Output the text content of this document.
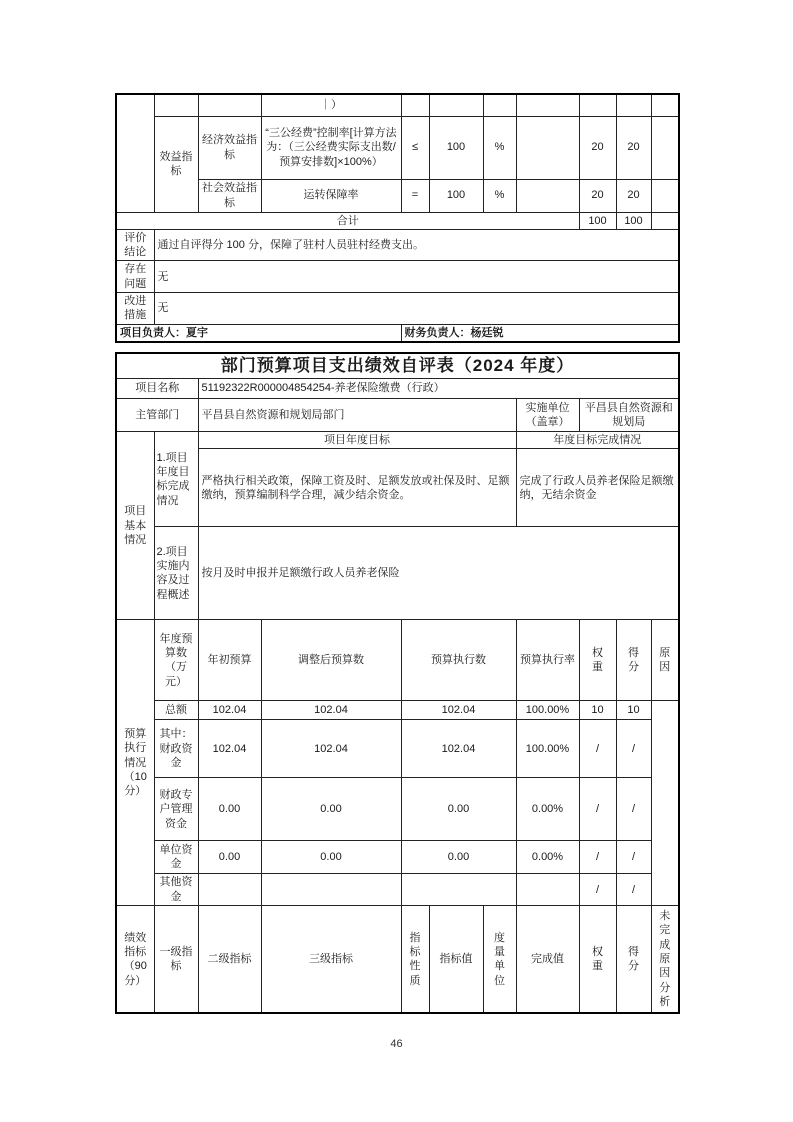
			｜）							
	效益指标	经济效益指标	“三公经费”控制率[计算方法为：（三公经费实际支出数/预算安排数]×100%）	≤	100	%		20	20	
		社会效益指标	运转保障率	=	100	%		20	20	
合计								100	100	
评价结论	通过自评得分 100 分，保障了驻村人员驻村经费支出。									
存在问题	无									
改进措施	无									
项目负责人：夏宇				财务负责人：杨廷锐						
部门预算项目支出绩效自评表（2024 年度）										
项目名称		51192322R000004854254-养老保险缴费（行政）								
主管部门		平昌县自然资源和规划局部门					实施单位（盖章）	平昌县自然资源和规划局		
项目基本情况	1.项目年度目标完成情况	项目年度目标					年度目标完成情况			
		严格执行相关政策，保障工资及时、足额发放或社保及时、足额缴纳，预算编制科学合理，减少结余资金。					完成了行政人员养老保险足额缴纳，无结余资金			
	2.项目实施内容及过程概述	按月及时申报并足额缴行政人员养老保险								
预算执行情况（10分）	年度预算数（万元）	年初预算	调整后预算数	预算执行数			预算执行率	权重	得分	原因
	总额	102.04	102.04	102.04			100.00%	10	10	
	其中：财政资金	102.04	102.04	102.04			100.00%	/	/	
	财政专户管理资金	0.00	0.00	0.00			0.00%	/	/	
	单位资金	0.00	0.00	0.00			0.00%	/	/	
	其他资金							/	/	
绩效指标（90分）	一级指标	二级指标	三级指标	指标性质	指标值	度量单位	完成值	权重	得分	未完成原因分析
46
